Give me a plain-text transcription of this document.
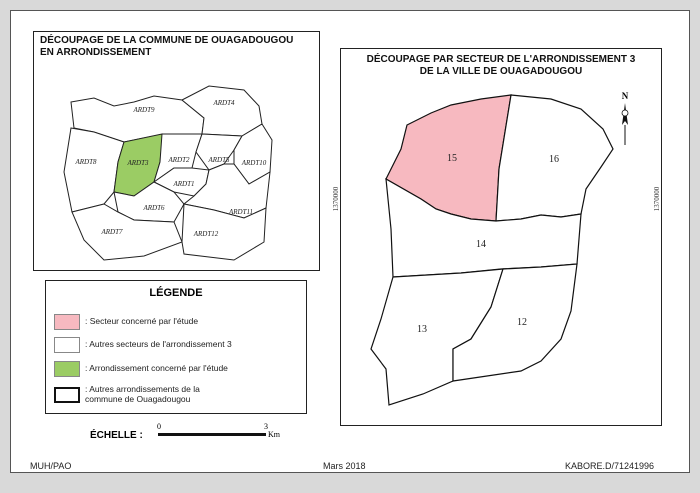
DÉCOUPAGE DE LA COMMUNE DE OUAGADOUGOU
EN ARRONDISSEMENT
ARDT9
ARDT4
ARDT8	ARDT3	ARDT2	ARDT5 ARDT10
ARDT1
ARDT6	ARDT11
ARDT7	ARDT12
LÉGENDE
: Secteur concerné par l'étude
: Autres secteurs de l'arrondissement 3
: Arrondissement concerné par l'étude
: Autres arrondissements de la
commune de Ouagadougou
ÉCHELLE :
0	3
Km
DÉCOUPAGE PAR SECTEUR DE L'ARRONDISSEMENT 3
DE LA VILLE DE OUAGADOUGOU
15	16
14
13
12
1370000	1370000
N
MUH/PAO	Mars 2018	KABORE.D/71241996
